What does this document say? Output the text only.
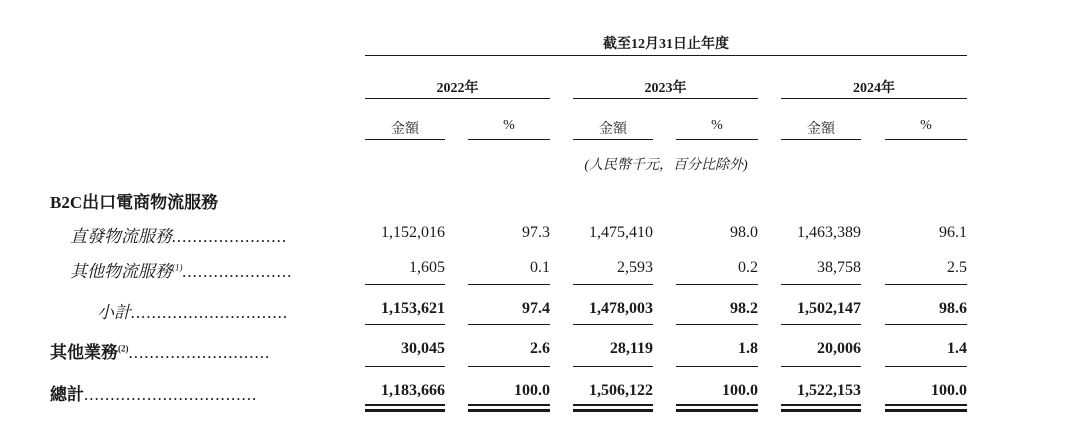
截至12月31日止年度
2022年	2023年	2024年
金額	%	金額	%	金額	%
(人民幣千元，百分比除外)
B2C出口電商物流服務
直發物流服務......................	1,152,016	97.3	1,475,410	98.0	1,463,389	96.1
其他物流服務$^{(1)}$.....................	1,605	0.1	2,593	0.2	38,758	2.5
小計..............................	1,153,621	97.4	1,478,003	98.2	1,502,147	98.6
其他業務$^{(2)}$...........................	30,045	2.6	28,119	1.8	20,006	1.4
總計.................................	1,183,666	100.0	1,506,122	100.0	1,522,153	100.0
